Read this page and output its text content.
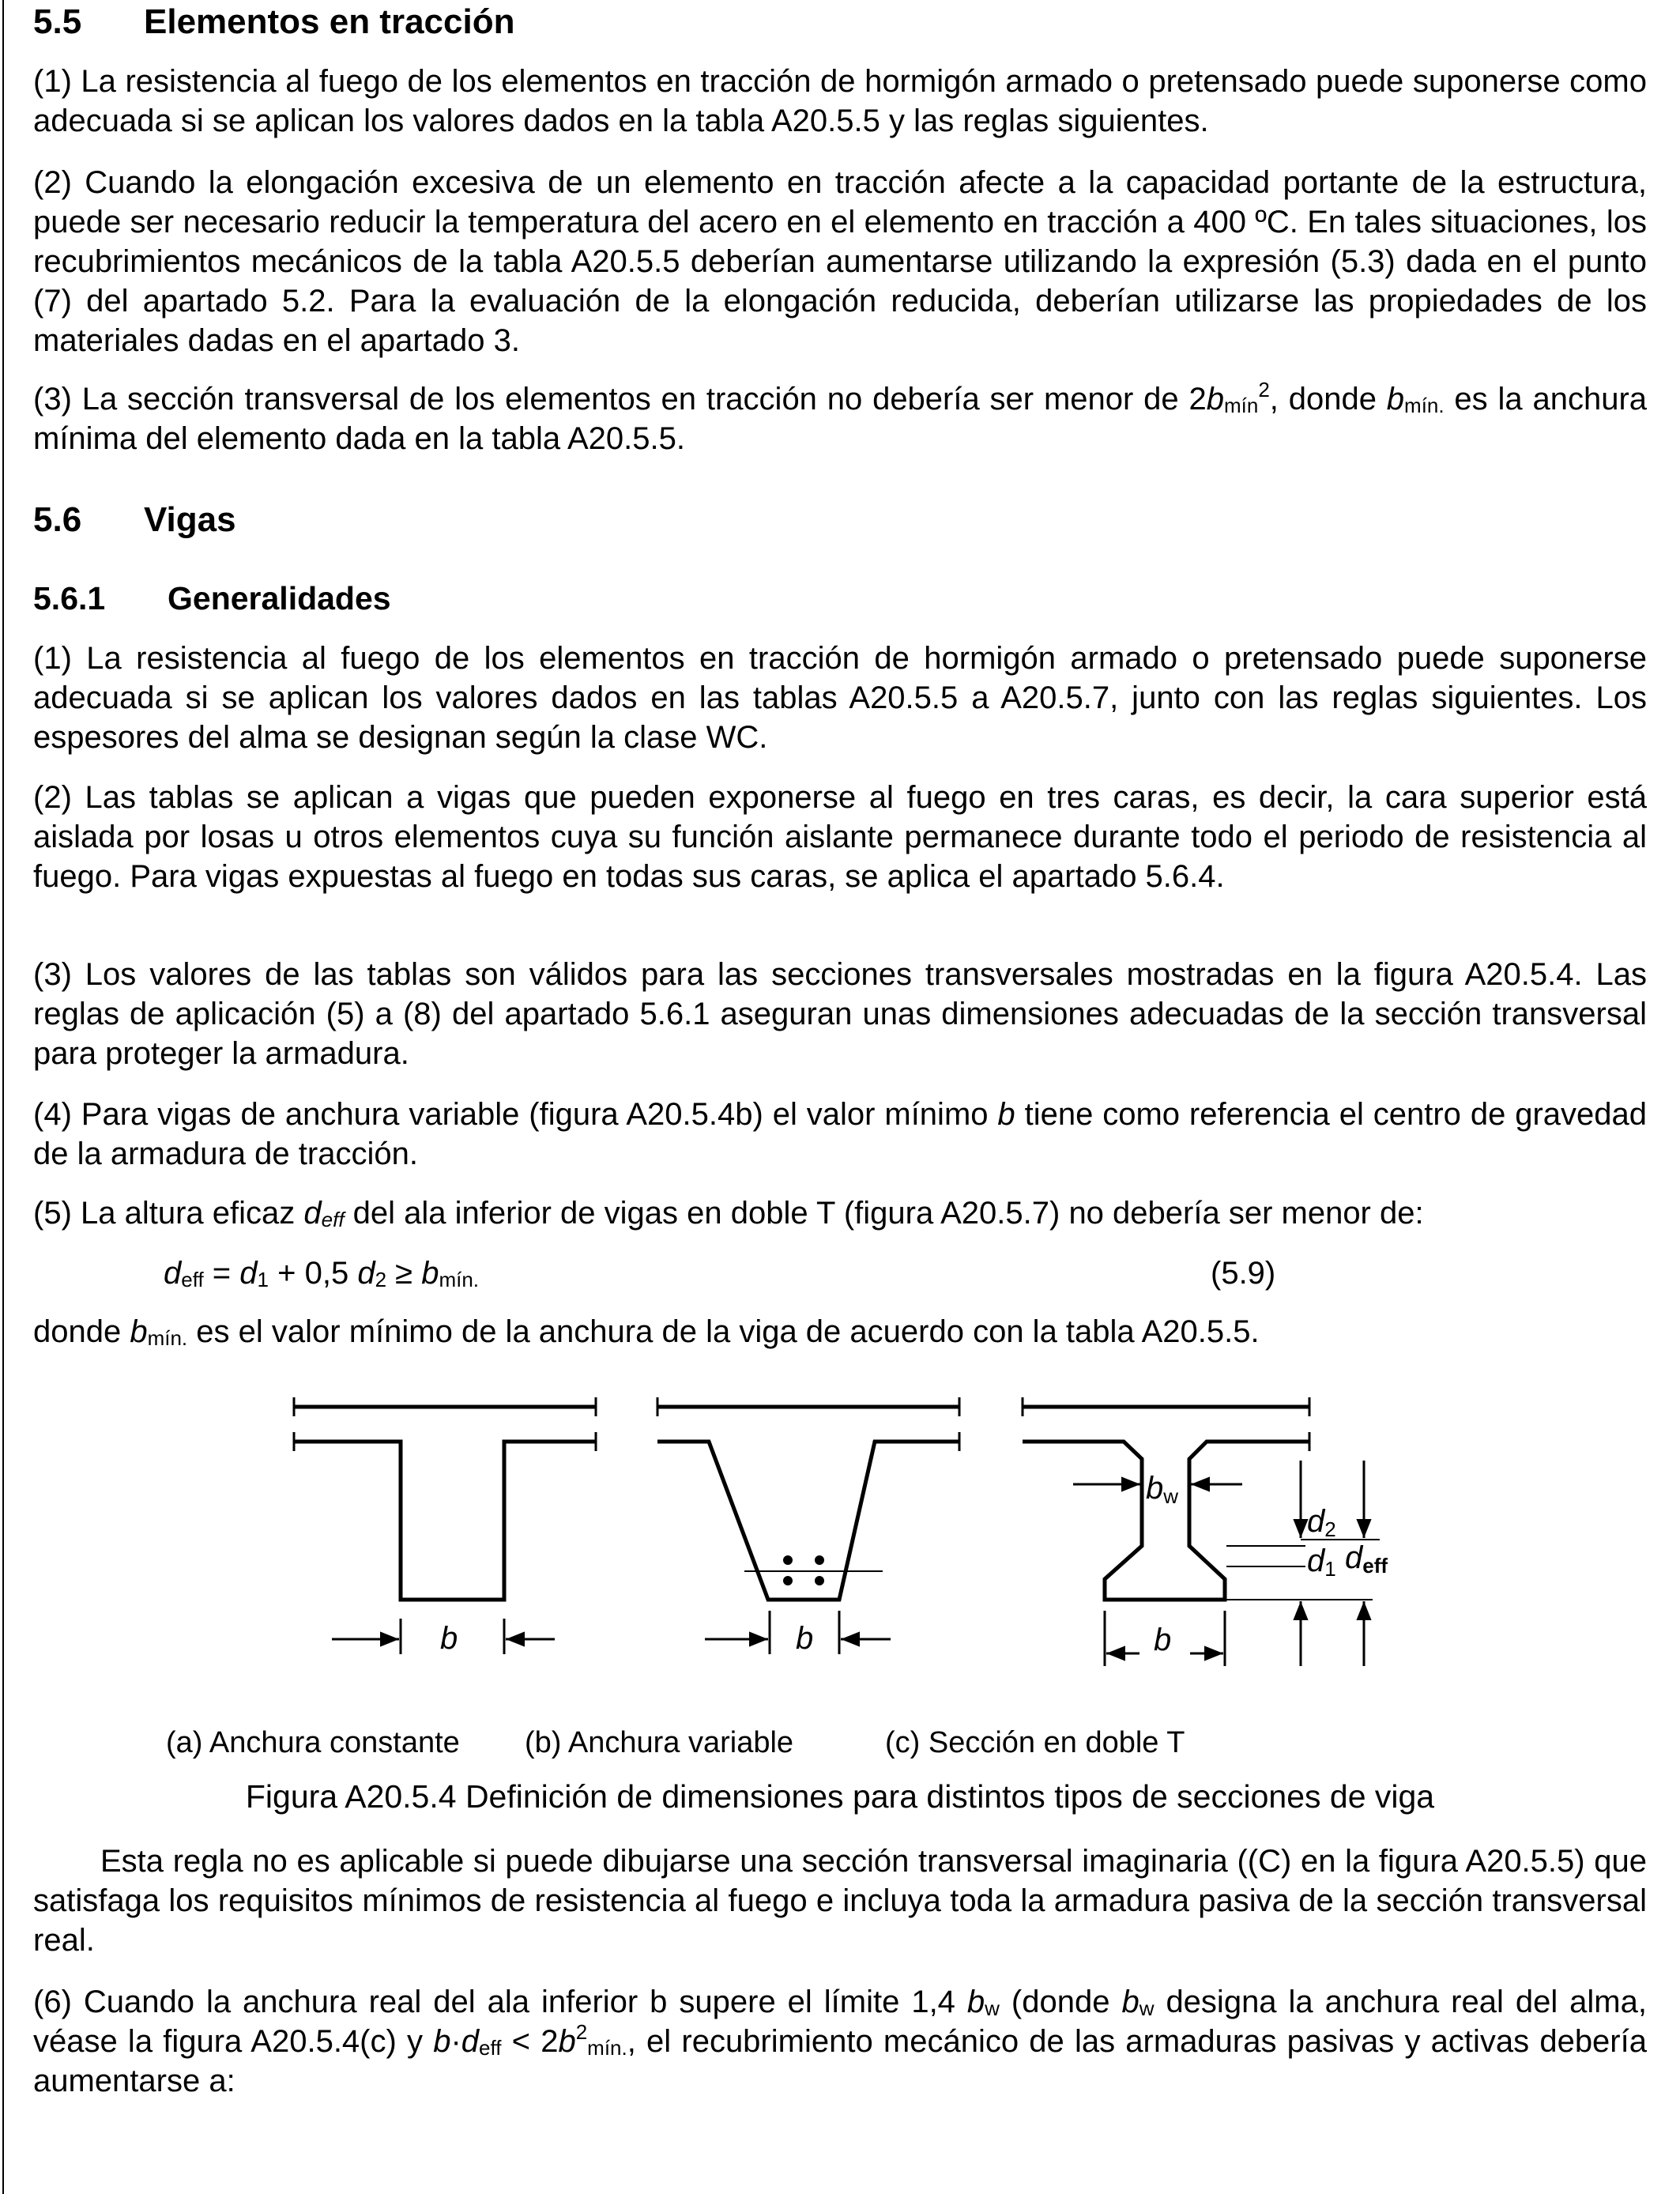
5.5 Elementos en tracción

(1) La resistencia al fuego de los elementos en tracción de hormigón armado o pretensado puede suponerse como adecuada si se aplican los valores dados en la tabla A20.5.5 y las reglas siguientes.

(2) Cuando la elongación excesiva de un elemento en tracción afecte a la capacidad portante de la estructura, puede ser necesario reducir la temperatura del acero en el elemento en tracción a 400 ºC. En tales situaciones, los recubrimientos mecánicos de la tabla A20.5.5 deberían aumentarse utilizando la expresión (5.3) dada en el punto (7) del apartado 5.2. Para la evaluación de la elongación reducida, deberían utilizarse las propiedades de los materiales dadas en el apartado 3.

(3) La sección transversal de los elementos en tracción no debería ser menor de $2b_{mín}^2$, donde $b_{mín.}$ es la anchura mínima del elemento dada en la tabla A20.5.5.

5.6 Vigas
5.6.1 Generalidades

(1) La resistencia al fuego de los elementos en tracción de hormigón armado o pretensado puede suponerse adecuada si se aplican los valores dados en las tablas A20.5.5 a A20.5.7, junto con las reglas siguientes. Los espesores del alma se designan según la clase WC.

(2) Las tablas se aplican a vigas que pueden exponerse al fuego en tres caras, es decir, la cara superior está aislada por losas u otros elementos cuya su función aislante permanece durante todo el periodo de resistencia al fuego. Para vigas expuestas al fuego en todas sus caras, se aplica el apartado 5.6.4.

(3) Los valores de las tablas son válidos para las secciones transversales mostradas en la figura A20.5.4. Las reglas de aplicación (5) a (8) del apartado 5.6.1 aseguran unas dimensiones adecuadas de la sección transversal para proteger la armadura.

(4) Para vigas de anchura variable (figura A20.5.4b) el valor mínimo b tiene como referencia el centro de gravedad de la armadura de tracción.

(5) La altura eficaz $d_{eff}$ del ala inferior de vigas en doble T (figura A20.5.7) no debería ser menor de:

$d_{eff} = d_1 + 0,5$ $d_2 \ge b_{mín.}$	(5.9)

donde $b_{mín.}$ es el valor mínimo de la anchura de la viga de acuerdo con la tabla A20.5.5.

b	b
bw
d2
d1 deff
b
(a) Anchura constante (b) Anchura variable	(c) Sección en doble T
Figura A20.5.4 Definición de dimensiones para distintos tipos de secciones de viga

Esta regla no es aplicable si puede dibujarse una sección transversal imaginaria ((C) en la figura A20.5.5) que satisfaga los requisitos mínimos de resistencia al fuego e incluya toda la armadura pasiva de la sección transversal real.

(6) Cuando la anchura real del ala inferior b supere el límite 1,4 $b_w$ (donde $b_w$ designa la anchura real del alma, véase la figura A20.5.4(c) y $b\cdot d_{eff} < 2b^2_{mín.}$, el recubrimiento mecánico de las armaduras pasivas y activas debería aumentarse a:
